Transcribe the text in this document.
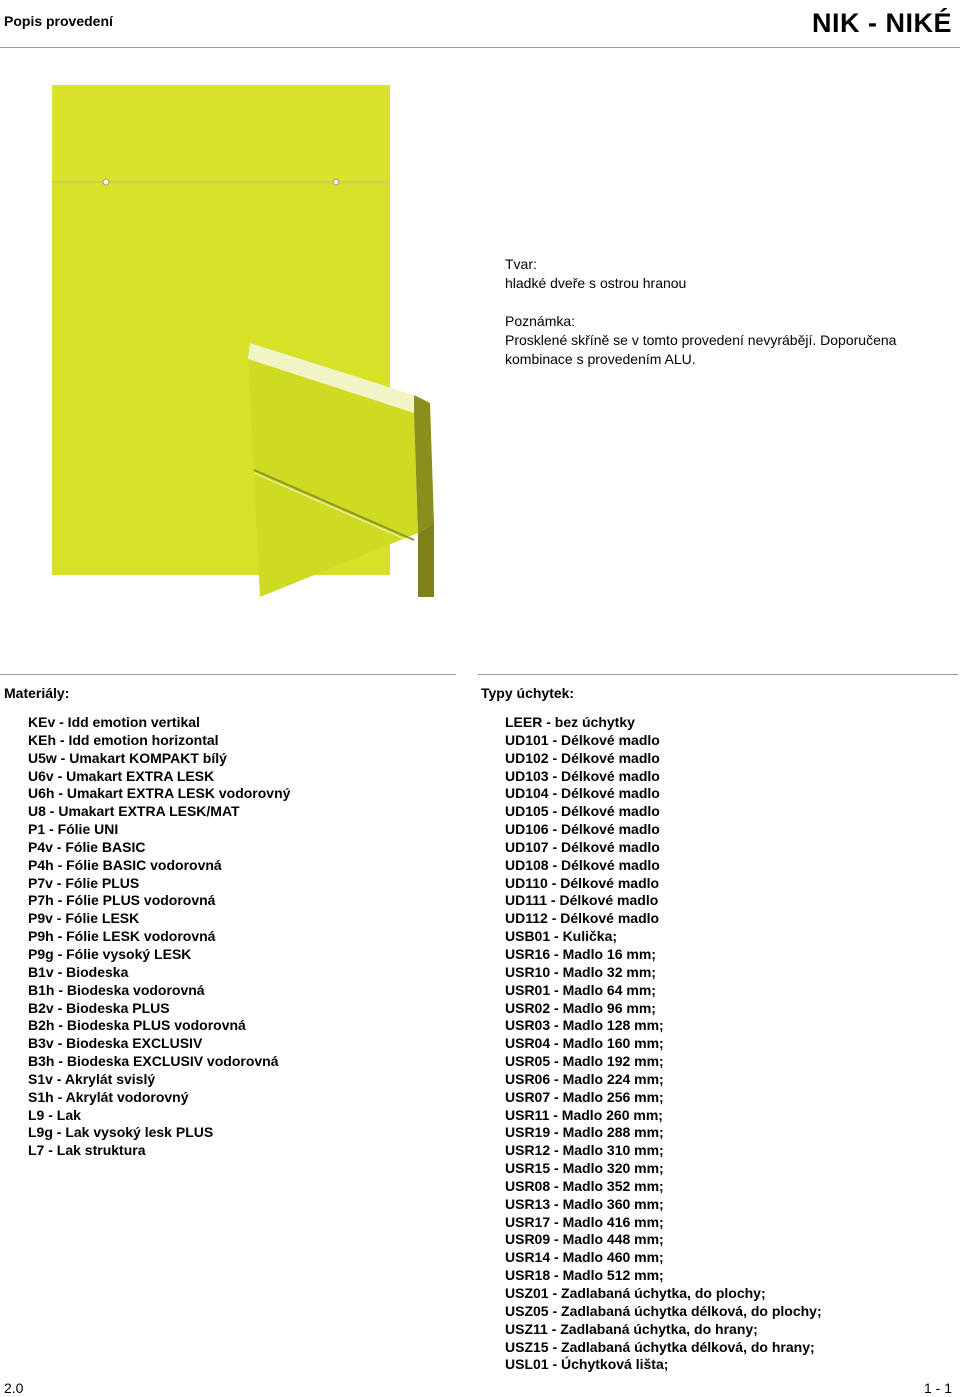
Popis provedení	NIK - NIKÉ

Tvar:

hladké dveře s ostrou hranou

Poznámka:

Prosklené skříně se v tomto provedení nevyrábějí. Doporučena kombinace s provedením ALU.

Materiály:	Typy úchytek:
KEv - Idd emotion vertikal
KEh - Idd emotion horizontal
U5w - Umakart KOMPAKT bílý
U6v - Umakart EXTRA LESK
U6h - Umakart EXTRA LESK vodorovný
U8 - Umakart EXTRA LESK/MAT
P1 - Fólie UNI
P4v - Fólie BASIC
P4h - Fólie BASIC vodorovná
P7v - Fólie PLUS
P7h - Fólie PLUS vodorovná
P9v - Fólie LESK
P9h - Fólie LESK vodorovná
P9g - Fólie vysoký LESK
B1v - Biodeska
B1h - Biodeska vodorovná
B2v - Biodeska PLUS
B2h - Biodeska PLUS vodorovná
B3v - Biodeska EXCLUSIV
B3h - Biodeska EXCLUSIV vodorovná
S1v - Akrylát svislý
S1h - Akrylát vodorovný
L9 - Lak
L9g - Lak vysoký lesk PLUS
L7 - Lak struktura
LEER - bez úchytky
UD101 - Délkové madlo
UD102 - Délkové madlo
UD103 - Délkové madlo
UD104 - Délkové madlo
UD105 - Délkové madlo
UD106 - Délkové madlo
UD107 - Délkové madlo
UD108 - Délkové madlo
UD110 - Délkové madlo
UD111 - Délkové madlo
UD112 - Délkové madlo
USB01 - Kulička;
USR16 - Madlo 16 mm;
USR10 - Madlo 32 mm;
USR01 - Madlo 64 mm;
USR02 - Madlo 96 mm;
USR03 - Madlo 128 mm;
USR04 - Madlo 160 mm;
USR05 - Madlo 192 mm;
USR06 - Madlo 224 mm;
USR07 - Madlo 256 mm;
USR11 - Madlo 260 mm;
USR19 - Madlo 288 mm;
USR12 - Madlo 310 mm;
USR15 - Madlo 320 mm;
USR08 - Madlo 352 mm;
USR13 - Madlo 360 mm;
USR17 - Madlo 416 mm;
USR09 - Madlo 448 mm;
USR14 - Madlo 460 mm;
USR18 - Madlo 512 mm;
USZ01 - Zadlabaná úchytka, do plochy;
USZ05 - Zadlabaná úchytka délková, do plochy;
USZ11 - Zadlabaná úchytka, do hrany;
USZ15 - Zadlabaná úchytka délková, do hrany;
USL01 - Úchytková lišta;
2.0	1 - 1
